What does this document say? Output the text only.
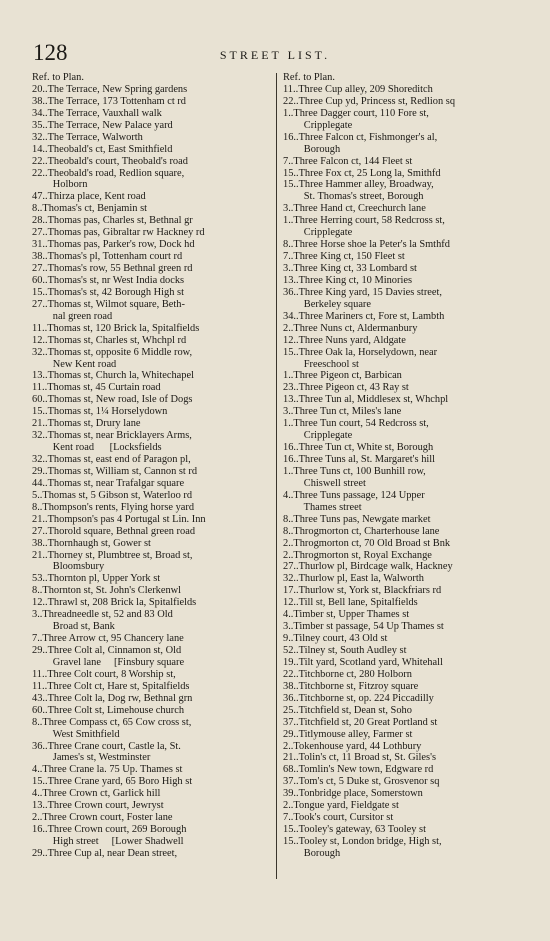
128	STREET LIST.
Ref. to Plan.
20..The Terrace, New Spring gardens
38..The Terrace, 173 Tottenham ct rd
34..The Terrace, Vauxhall walk
35..The Terrace, New Palace yard
32..The Terrace, Walworth
14..Theobald's ct, East Smithfield
22..Theobald's court, Theobald's road
22..Theobald's road, Redlion square,
Holborn
47..Thirza place, Kent road
8..Thomas's ct, Benjamin st
28..Thomas pas, Charles st, Bethnal gr
27..Thomas pas, Gibraltar rw Hackney rd
31..Thomas pas, Parker's row, Dock hd
38..Thomas's pl, Tottenham court rd
27..Thomas's row, 55 Bethnal green rd
60..Thomas's st, nr West India docks
15..Thomas's st, 42 Borough High st
27..Thomas st, Wilmot square, Beth-
nal green road
11..Thomas st, 120 Brick la, Spitalfields
12..Thomas st, Charles st, Whchpl rd
32..Thomas st, opposite 6 Middle row,
New Kent road
13..Thomas st, Church la, Whitechapel
11..Thomas st, 45 Curtain road
60..Thomas st, New road, Isle of Dogs
15..Thomas st, 1¼ Horselydown
21..Thomas st, Drury lane
32..Thomas st, near Bricklayers Arms,
Kent road      [Locksfields
32..Thomas st, east end of Paragon pl,
29..Thomas st, William st, Cannon st rd
44..Thomas st, near Trafalgar square
5..Thomas st, 5 Gibson st, Waterloo rd
8..Thompson's rents, Flying horse yard
21..Thompson's pas 4 Portugal st Lin. Inn
27..Thorold square, Bethnal green road
38..Thornhaugh st, Gower st
21..Thorney st, Plumbtree st, Broad st,
Bloomsbury
53..Thornton pl, Upper York st
8..Thornton st, St. John's Clerkenwl
12..Thrawl st, 208 Brick la, Spitalfields
3..Threadneedle st, 52 and 83 Old
Broad st, Bank
7..Three Arrow ct, 95 Chancery lane
29..Three Colt al, Cinnamon st, Old
Gravel lane     [Finsbury square
11..Three Colt court, 8 Worship st,
11..Three Colt ct, Hare st, Spitalfields
43..Three Colt la, Dog rw, Bethnal grn
60..Three Colt st, Limehouse church
8..Three Compass ct, 65 Cow cross st,
West Smithfield
36..Three Crane court, Castle la, St.
James's st, Westminster
4..Three Crane la. 75 Up. Thames st
15..Three Crane yard, 65 Boro High st
4..Three Crown ct, Garlick hill
13..Three Crown court, Jewryst
2..Three Crown court, Foster lane
16..Three Crown court, 269 Borough
High street     [Lower Shadwell
29..Three Cup al, near Dean street,
Ref. to Plan.
11..Three Cup alley, 209 Shoreditch
22..Three Cup yd, Princess st, Redlion sq
1..Three Dagger court, 110 Fore st,
Cripplegate
16..Three Falcon ct, Fishmonger's al,
Borough
7..Three Falcon ct, 144 Fleet st
15..Three Fox ct, 25 Long la, Smithfd
15..Three Hammer alley, Broadway,
St. Thomas's street, Borough
3..Three Hand ct, Creechurch lane
1..Three Herring court, 58 Redcross st,
Cripplegate
8..Three Horse shoe la Peter's la Smthfd
7..Three King ct, 150 Fleet st
3..Three King ct, 33 Lombard st
13..Three King ct, 10 Minories
36..Three King yard, 15 Davies street,
Berkeley square
34..Three Mariners ct, Fore st, Lambth
2..Three Nuns ct, Aldermanbury
12..Three Nuns yard, Aldgate
15..Three Oak la, Horselydown, near
Freeschool st
1..Three Pigeon ct, Barbican
23..Three Pigeon ct, 43 Ray st
13..Three Tun al, Middlesex st, Whchpl
3..Three Tun ct, Miles's lane
1..Three Tun court, 54 Redcross st,
Cripplegate
16..Three Tun ct, White st, Borough
16..Three Tuns al, St. Margaret's hill
1..Three Tuns ct, 100 Bunhill row,
Chiswell street
4..Three Tuns passage, 124 Upper
Thames street
8..Three Tuns pas, Newgate market
8..Throgmorton ct, Charterhouse lane
2..Throgmorton ct, 70 Old Broad st Bnk
2..Throgmorton st, Royal Exchange
27..Thurlow pl, Birdcage walk, Hackney
32..Thurlow pl, East la, Walworth
17..Thurlow st, York st, Blackfriars rd
12..Till st, Bell lane, Spitalfields
4..Timber st, Upper Thames st
3..Timber st passage, 54 Up Thames st
9..Tilney court, 43 Old st
52..Tilney st, South Audley st
19..Tilt yard, Scotland yard, Whitehall
22..Titchborne ct, 280 Holborn
38..Titchborne st, Fitzroy square
36..Titchborne st, op. 224 Piccadilly
25..Titchfield st, Dean st, Soho
37..Titchfield st, 20 Great Portland st
29..Titlymouse alley, Farmer st
2..Tokenhouse yard, 44 Lothbury
21..Tolin's ct, 11 Broad st, St. Giles's
68..Tomlin's New town, Edgware rd
37..Tom's ct, 5 Duke st, Grosvenor sq
39..Tonbridge place, Somerstown
2..Tongue yard, Fieldgate st
7..Took's court, Cursitor st
15..Tooley's gateway, 63 Tooley st
15..Tooley st, London bridge, High st,
Borough
